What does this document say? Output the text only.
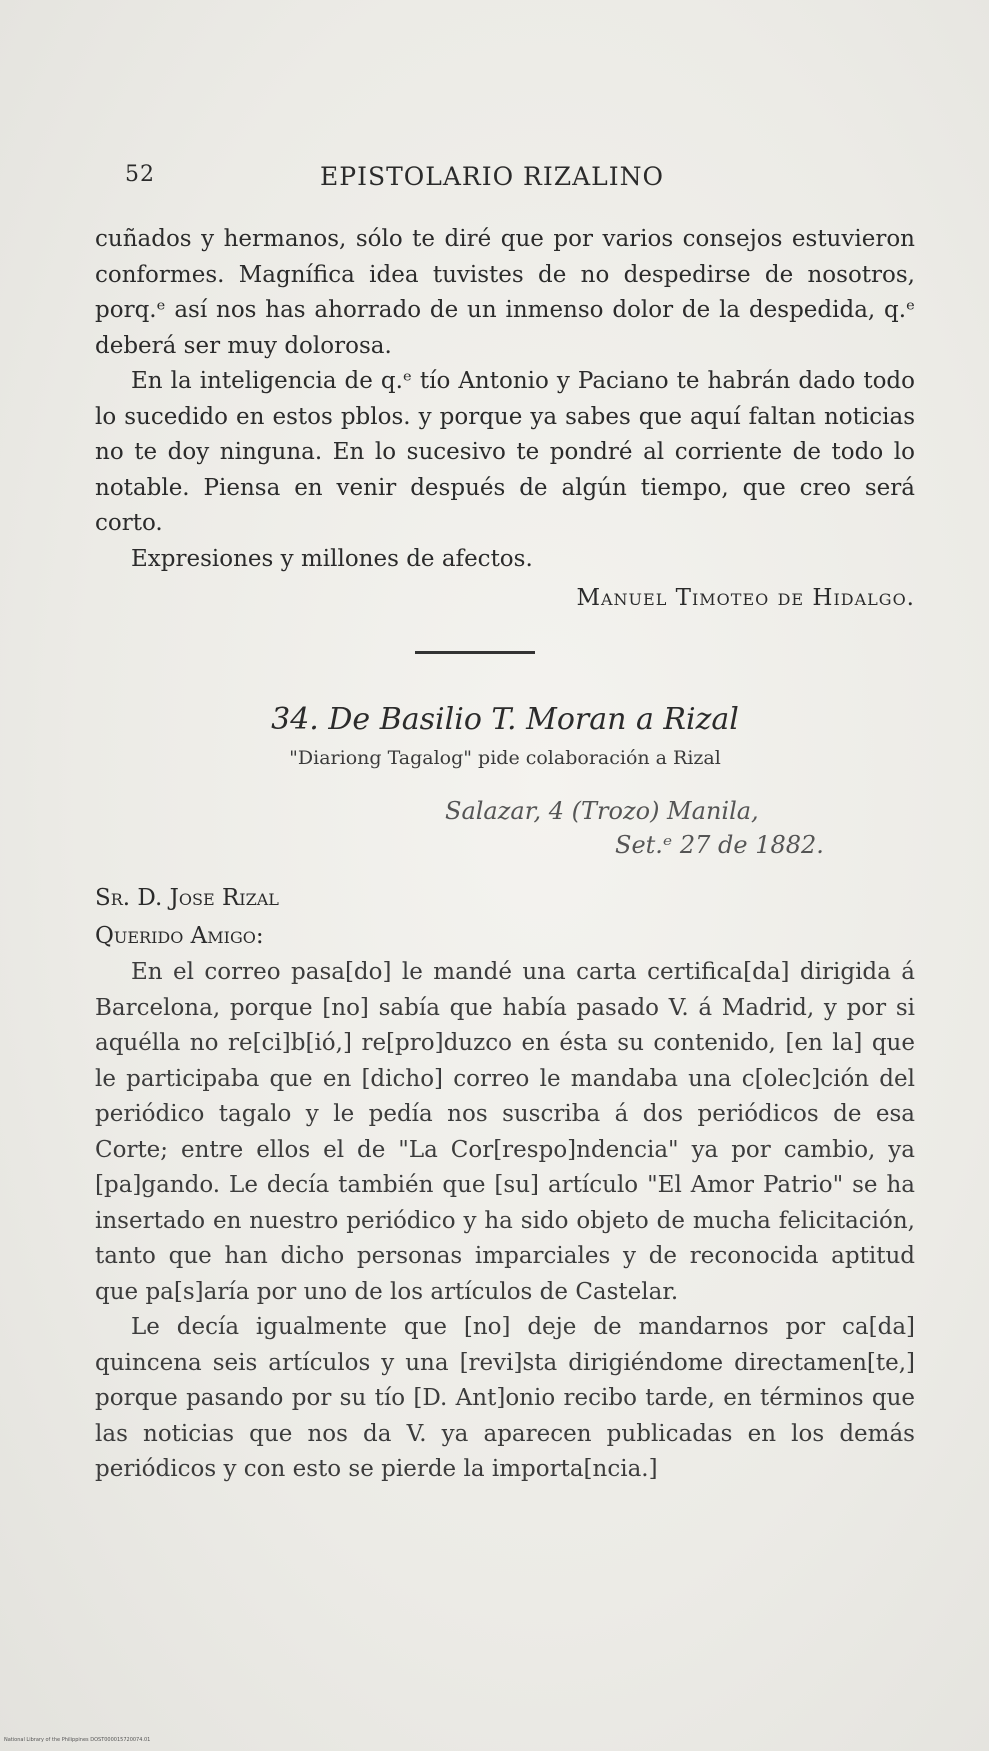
52	EPISTOLARIO RIZALINO

cuñados y hermanos, sólo te diré que por varios consejos estuvieron conformes. Magnífica idea tuvistes de no despedirse de nosotros, porq.ᵉ así nos has ahorrado de un inmenso dolor de la despedida, q.ᵉ deberá ser muy dolorosa.

En la inteligencia de q.ᵉ tío Antonio y Paciano te habrán dado todo lo sucedido en estos pblos. y porque ya sabes que aquí faltan noticias no te doy ninguna. En lo sucesivo te pondré al corriente de todo lo notable. Piensa en venir después de algún tiempo, que creo será corto.

Expresiones y millones de afectos.

Manuel Timoteo de Hidalgo.
34. De Basilio T. Moran a Rizal
"Diariong Tagalog" pide colaboración a Rizal
Salazar, 4 (Trozo) Manila,
Set.ᵉ 27 de 1882.
Sr. D. Jose Rizal
Querido Amigo:

En el correo pasa[do] le mandé una carta certifica[da] dirigida á Barcelona, porque [no] sabía que había pasado V. á Madrid, y por si aquélla no re[ci]b[ió,] re[pro]duzco en ésta su contenido, [en la] que le participaba que en [dicho] correo le mandaba una c[olec]ción del periódico tagalo y le pedía nos suscriba á dos periódicos de esa Corte; entre ellos el de "La Cor[respo]ndencia" ya por cambio, ya [pa]gando. Le decía también que [su] artículo "El Amor Patrio" se ha insertado en nuestro periódico y ha sido objeto de mucha felicitación, tanto que han dicho personas imparciales y de reconocida aptitud que pa[s]aría por uno de los artículos de Castelar.

Le decía igualmente que [no] deje de mandarnos por ca[da] quincena seis artículos y una [revi]sta dirigiéndome directamen[te,] porque pasando por su tío [D. Ant]onio recibo tarde, en términos que las noticias que nos da V. ya aparecen publicadas en los demás periódicos y con esto se pierde la importa[ncia.]

National Library of the Philippines DOST000015720074.01
